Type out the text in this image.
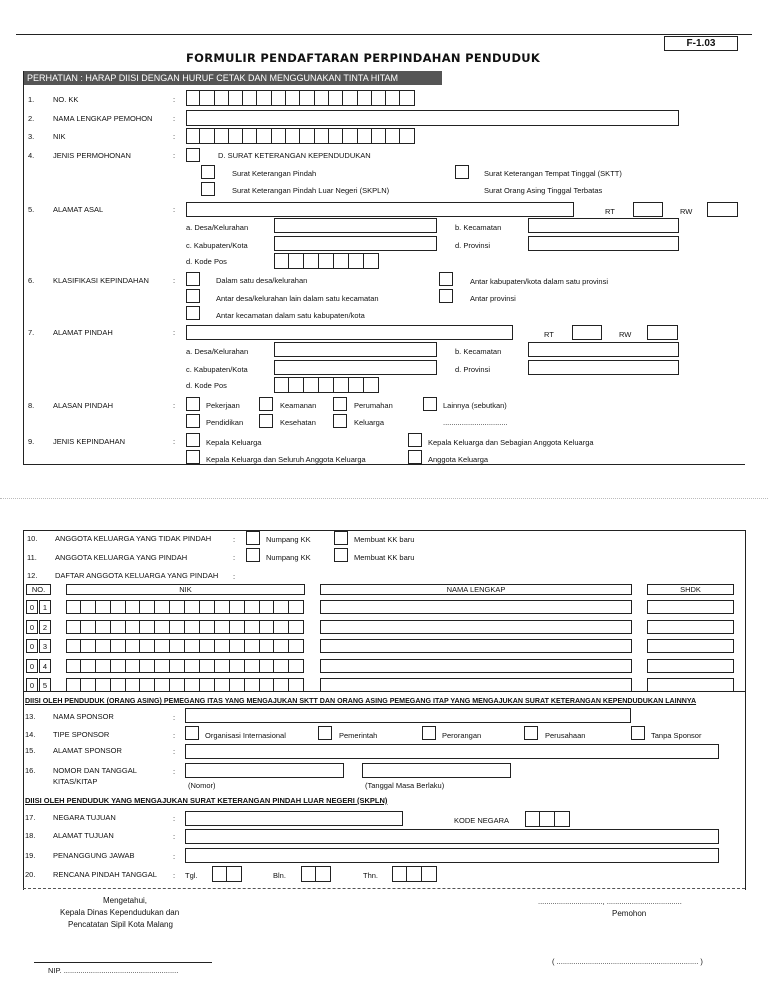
F-1.03
FORMULIR PENDAFTARAN PERPINDAHAN PENDUDUK
PERHATIAN : HARAP DIISI DENGAN HURUF CETAK DAN MENGGUNAKAN TINTA HITAM
1. NO. KK	:
2. NAMA LENGKAP PEMOHON	:
3. NIK	:
4. JENIS PERMOHONAN	:	D. SURAT KETERANGAN KEPENDUDUKAN
Surat Keterangan Pindah
Surat Keterangan Pindah Luar Negeri (SKPLN)
Surat Keterangan Tempat Tinggal (SKTT)
Surat Orang Asing Tinggal Terbatas
5. ALAMAT ASAL	:	RT	RW
a. Desa/Kelurahan	b. Kecamatan
c. Kabupaten/Kota	d. Provinsi
d. Kode Pos
6. KLASIFIKASI KEPINDAHAN	:	Dalam satu desa/kelurahan
Antar desa/kelurahan lain dalam satu kecamatan
Antar kecamatan dalam satu kabupaten/kota
Antar kabupaten/kota dalam satu provinsi
Antar provinsi
7. ALAMAT PINDAH	:	RT	RW
a. Desa/Kelurahan	b. Kecamatan
c. Kabupaten/Kota	d. Provinsi
d. Kode Pos
8. ALASAN PINDAH	:	Pekerjaan	Keamanan	Perumahan	Lainnya (sebutkan)
Pendidikan	Kesehatan	Keluarga	...............................
9. JENIS KEPINDAHAN	:	Kepala Keluarga
Kepala Keluarga dan Seluruh Anggota Keluarga
Kepala Keluarga dan Sebagian Anggota Keluarga
Anggota Keluarga
10. ANGGOTA KELUARGA YANG TIDAK PINDAH	:	Numpang KK	Membuat KK baru
11. ANGGOTA KELUARGA YANG PINDAH	:	Numpang KK	Membuat KK baru
12. DAFTAR ANGGOTA KELUARGA YANG PINDAH :
NO.	NIK	NAMA LENGKAP	SHDK
0	1
0	2
0	3
0	4
0	5
DIISI OLEH PENDUDUK (ORANG ASING) PEMEGANG ITAS YANG MENGAJUKAN SKTT DAN ORANG ASING PEMEGANG ITAP YANG MENGAJUKAN SURAT KETERANGAN KEPENDUDUKAN LAINNYA
13. NAMA SPONSOR	:
14. TIPE SPONSOR	:	Organisasi Internasional	Pemerintah	Perorangan	Perusahaan	Tanpa Sponsor
15. ALAMAT SPONSOR	:
16. NOMOR DAN TANGGAL
KITAS/KITAP
:
(Nomor)	(Tanggal Masa Berlaku)
DIISI OLEH PENDUDUK YANG MENGAJUKAN SURAT KETERANGAN PINDAH LUAR NEGERI (SKPLN)
17. NEGARA TUJUAN	:	KODE NEGARA
18. ALAMAT TUJUAN	:
19. PENANGGUNG JAWAB	:
20. RENCANA PINDAH TANGGAL : Tgl.	Bln.	Thn.
Mengetahui,
Kepala Dinas Kependudukan dan
Pencatatan Sipil Kota Malang
NIP. .......................................................
..............................., ....................................
Pemohon
( .................................................................... )
